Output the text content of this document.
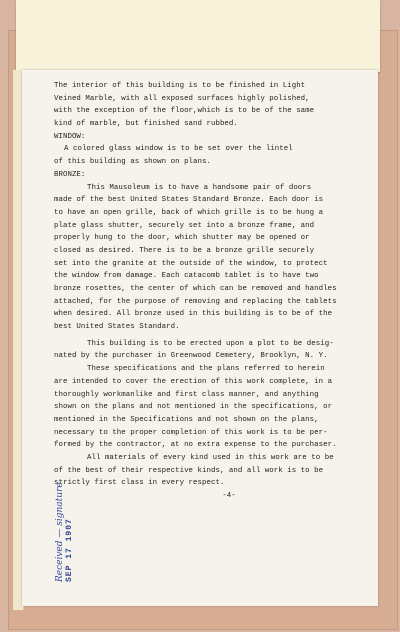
The interior of this building is to be finished in Light
Veined Marble, with all exposed surfaces highly polished,
with the exception of the floor,which is to be of the same
kind of marble, but finished sand rubbed.
WINDOW:
A colored glass window is to be set over the lintel
of this building as shown on plans.
BRONZE:
This Mausoleum is to have a handsome pair of doors
made of the best United States Standard Bronze. Each door is
to have an open grille, back of which grille is to be hung a
plate glass shutter, securely set into a bronze frame, and
properly hung to the door, which shutter may be opened or
closed as desired. There is to be a bronze grille securely
set into the granite at the outside of the window, to protect
the window from damage. Each catacomb tablet is to have two
bronze rosettes, the center of which can be removed and handles
attached, for the purpose of removing and replacing the tablets
when desired. All bronze used in this building is to be of the
best United States Standard.
This building is to be erected upon a plot to be desig-
nated by the purchaser in Greenwood Cemetery, Brooklyn, N. Y.
These specifications and the plans referred to herein
are intended to cover the erection of this work complete, in a
thoroughly workmanlike and first class manner, and anything
shown on the plans and not mentioned in the specifications, or
mentioned in the Specifications and not shown on the plans,
necessary to the proper completion of this work is to be per-
formed by the contractor, at no extra expense to the purchaser.
All materials of every kind used in this work are to be
of the best of their respective kinds, and all work is to be
strictly first class in every respect.
-4-
Received — signature SEP 17 1907
